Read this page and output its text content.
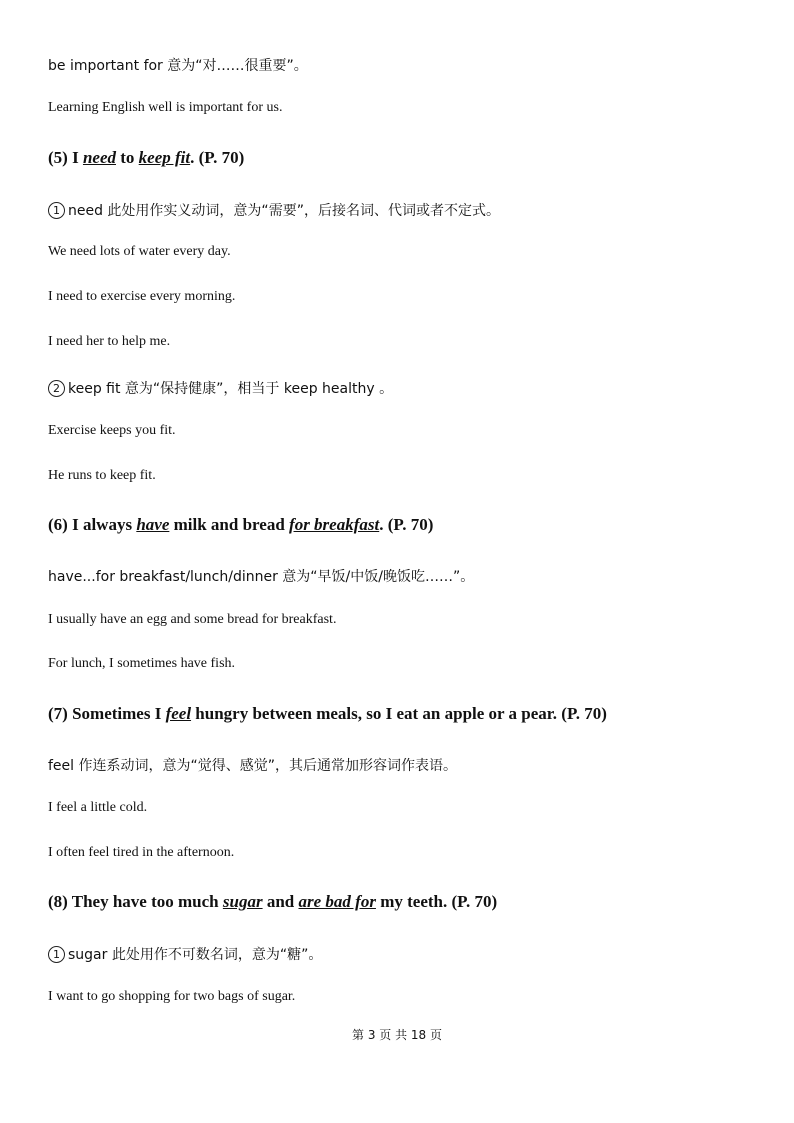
be important for 意为“对……很重要”。
Learning English well is important for us.
(5) I need to keep fit. (P. 70)
1 need 此处用作实义动词，意为“需要”，后接名词、代词或者不定式。
We need lots of water every day.
I need to exercise every morning.
I need her to help me.
2 keep fit 意为“保持健康”，相当于 keep healthy 。
Exercise keeps you fit.
He runs to keep fit.
(6) I always have milk and bread for breakfast. (P. 70)
have...for breakfast/lunch/dinner 意为“早饭/中饭/晚饭吃……”。
I usually have an egg and some bread for breakfast.
For lunch, I sometimes have fish.
(7) Sometimes I feel hungry between meals, so I eat an apple or a pear. (P. 70)
feel 作连系动词，意为“觉得、感觉”，其后通常加形容词作表语。
I feel a little cold.
I often feel tired in the afternoon.
(8) They have too much sugar and are bad for my teeth. (P. 70)
1 sugar 此处用作不可数名词，意为“糖”。
I want to go shopping for two bags of sugar.
第 3 页 共 18 页
